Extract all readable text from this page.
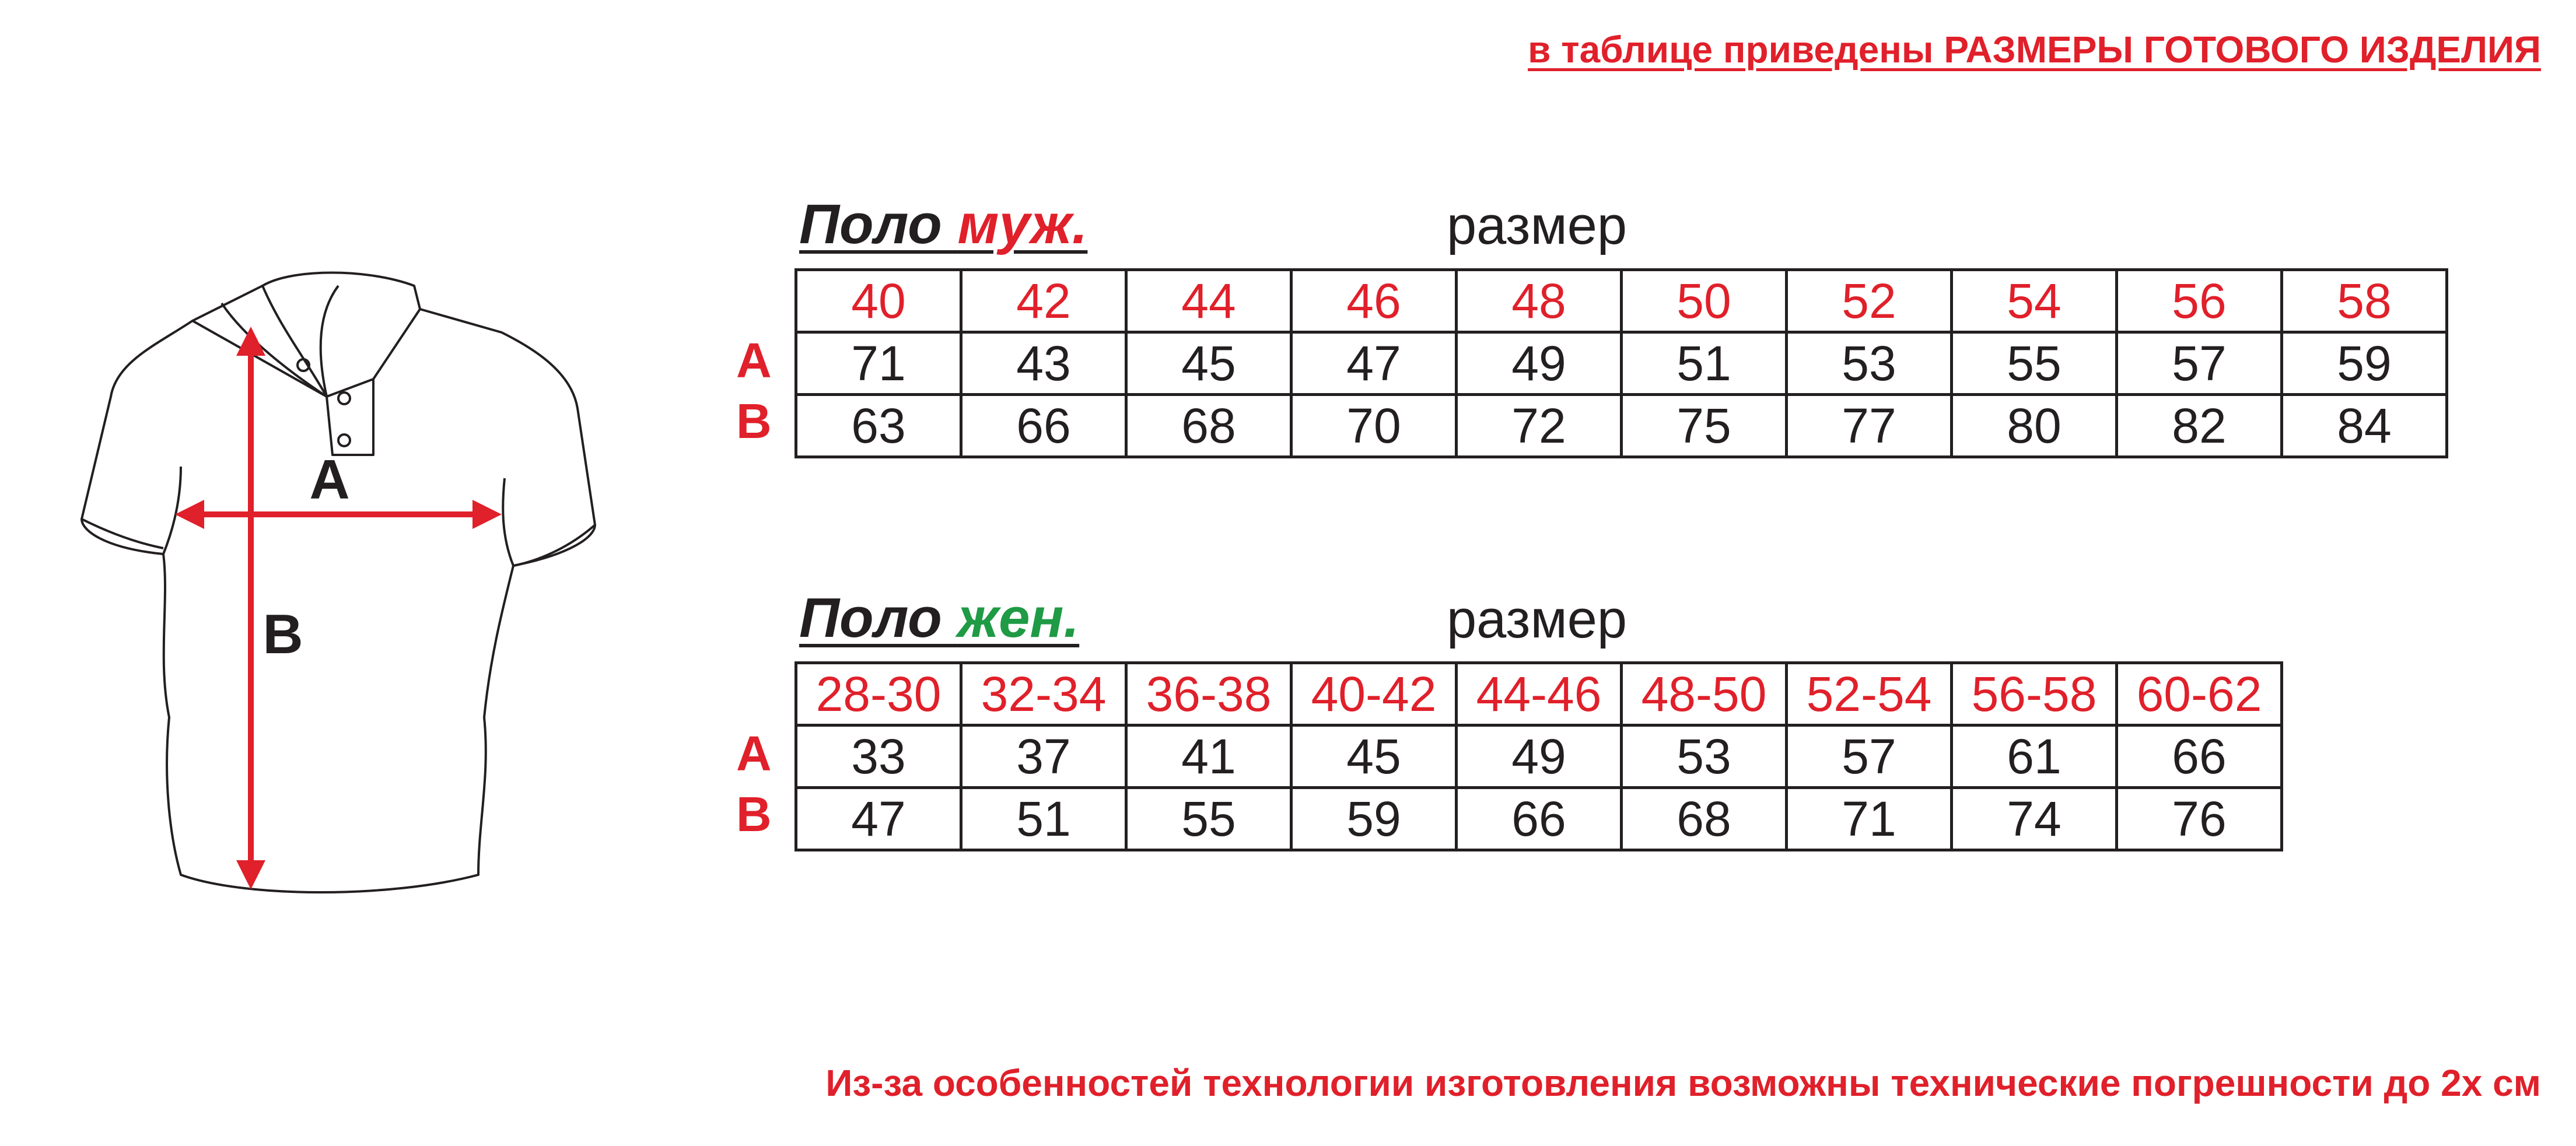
в таблице приведены РАЗМЕРЫ ГОТОВОГО ИЗДЕЛИЯ
A
B
Поло муж.	размер
A
B
40	42	44	46	48	50	52	54	56	58
71	43	45	47	49	51	53	55	57	59
63	66	68	70	72	75	77	80	82	84
Поло жен.	размер
A
B
28-30	32-34	36-38	40-42	44-46	48-50	52-54	56-58	60-62
33	37	41	45	49	53	57	61	66
47	51	55	59	66	68	71	74	76
Из-за особенностей технологии изготовления возможны технические погрешности до 2х см
